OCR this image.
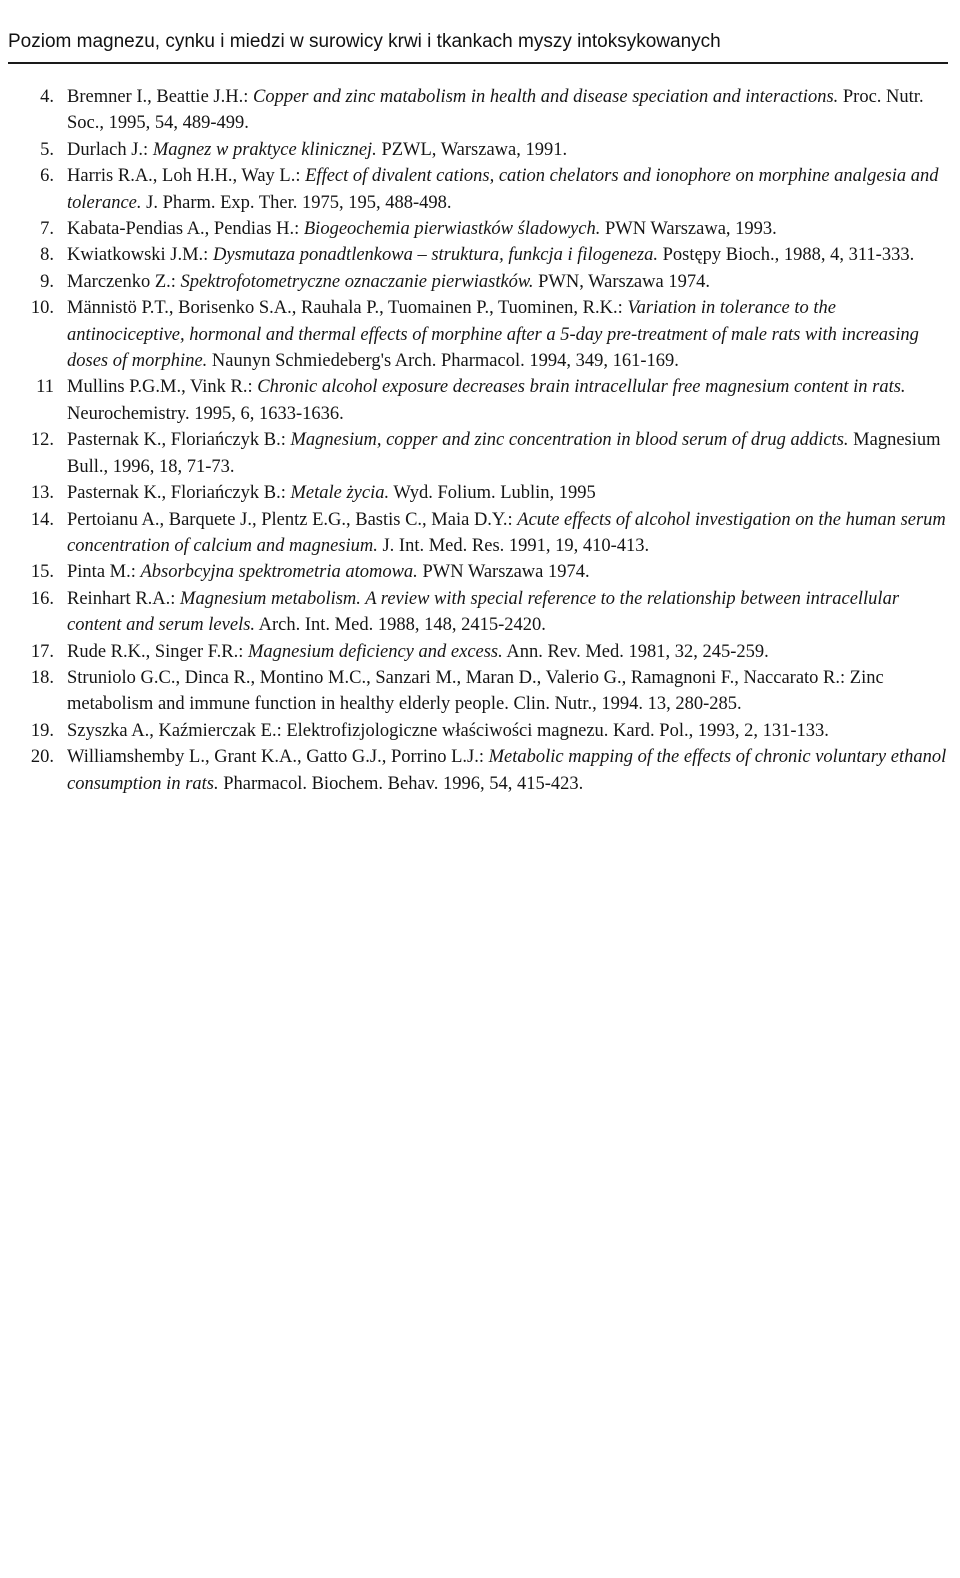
Poziom magnezu, cynku i miedzi w surowicy krwi i tkankach myszy intoksykowanych
4. Bremner I., Beattie J.H.: Copper and zinc matabolism in health and disease speciation and interactions. Proc. Nutr. Soc., 1995, 54, 489-499.
5. Durlach J.: Magnez w praktyce klinicznej. PZWL, Warszawa, 1991.
6. Harris R.A., Loh H.H., Way L.: Effect of divalent cations, cation chelators and ionophore on morphine analgesia and tolerance. J. Pharm. Exp. Ther. 1975, 195, 488-498.
7. Kabata-Pendias A., Pendias H.: Biogeochemia pierwiastków śladowych. PWN Warszawa, 1993.
8. Kwiatkowski J.M.: Dysmutaza ponadtlenkowa – struktura, funkcja i filogeneza. Postępy Bioch., 1988, 4, 311-333.
9. Marczenko Z.: Spektrofotometryczne oznaczanie pierwiastków. PWN, Warszawa 1974.
10. Männistö P.T., Borisenko S.A., Rauhala P., Tuomainen P., Tuominen, R.K.: Variation in tolerance to the antinociceptive, hormonal and thermal effects of morphine after a 5-day pre-treatment of male rats with increasing doses of morphine. Naunyn Schmiedeberg's Arch. Pharmacol. 1994, 349, 161-169.
11 Mullins P.G.M., Vink R.: Chronic alcohol exposure decreases brain intracellular free magnesium content in rats. Neurochemistry. 1995, 6, 1633-1636.
12. Pasternak K., Floriańczyk B.: Magnesium, copper and zinc concentration in blood serum of drug addicts. Magnesium Bull., 1996, 18, 71-73.
13. Pasternak K., Floriańczyk B.: Metale życia. Wyd. Folium. Lublin, 1995
14. Pertoianu A., Barquete J., Plentz E.G., Bastis C., Maia D.Y.: Acute effects of alcohol investigation on the human serum concentration of calcium and magnesium. J. Int. Med. Res. 1991, 19, 410-413.
15. Pinta M.: Absorbcyjna spektrometria atomowa. PWN Warszawa 1974.
16. Reinhart R.A.: Magnesium metabolism. A review with special reference to the relationship between intracellular content and serum levels. Arch. Int. Med. 1988, 148, 2415-2420.
17. Rude R.K., Singer F.R.: Magnesium deficiency and excess. Ann. Rev. Med. 1981, 32, 245-259.
18. Struniolo G.C., Dinca R., Montino M.C., Sanzari M., Maran D., Valerio G., Ramagnoni F., Naccarato R.: Zinc metabolism and immune function in healthy elderly people. Clin. Nutr., 1994. 13, 280-285.
19. Szyszka A., Kaźmierczak E.: Elektrofizjologiczne właściwości magnezu. Kard. Pol., 1993, 2, 131-133.
20. Williamshemby L., Grant K.A., Gatto G.J., Porrino L.J.: Metabolic mapping of the effects of chronic voluntary ethanol consumption in rats. Pharmacol. Biochem. Behav. 1996, 54, 415-423.
